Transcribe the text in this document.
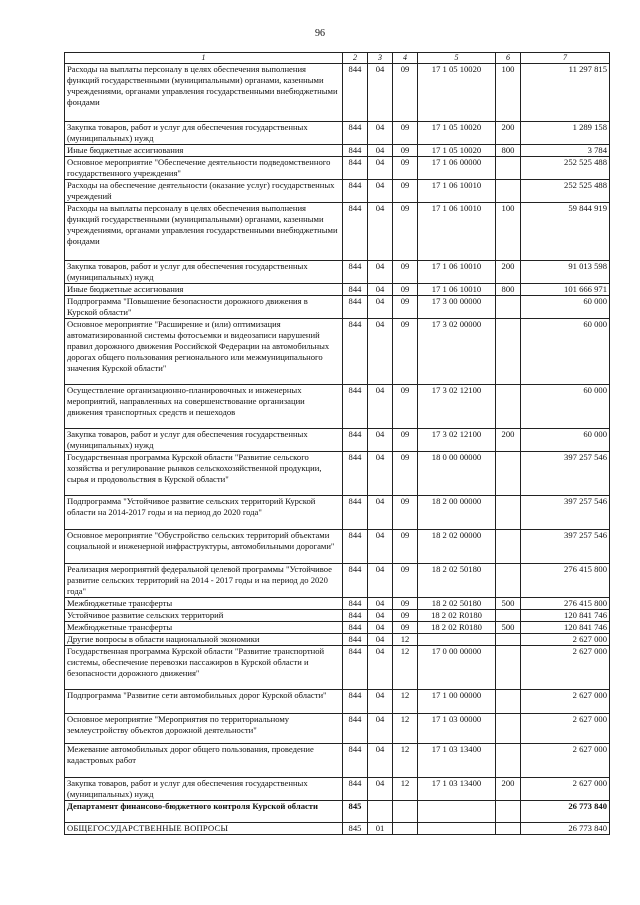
96
1	2	3	4	5	6	7
Расходы на выплаты персоналу в целях обеспечения выполнения функций государственными (муниципальными) органами, казенными учреждениями, органами управления государственными внебюджетными фондами	844	04	09	17 1 05 10020	100	11 297 815
Закупка товаров, работ и услуг для обеспечения государственных (муниципальных) нужд	844	04	09	17 1 05 10020	200	1 289 158
Иные бюджетные ассигнования	844	04	09	17 1 05 10020	800	3 784
Основное мероприятие "Обеспечение деятельности подведомственного государственного учреждения"	844	04	09	17 1 06 00000		252 525 488
Расходы на обеспечение деятельности (оказание услуг) государственных учреждений	844	04	09	17 1 06 10010		252 525 488
Расходы на выплаты персоналу в целях обеспечения выполнения функций государственными (муниципальными) органами, казенными учреждениями, органами управления государственными внебюджетными фондами	844	04	09	17 1 06 10010	100	59 844 919
Закупка товаров, работ и услуг для обеспечения государственных (муниципальных) нужд	844	04	09	17 1 06 10010	200	91 013 598
Иные бюджетные ассигнования	844	04	09	17 1 06 10010	800	101 666 971
Подпрограмма "Повышение безопасности дорожного движения в Курской области"	844	04	09	17 3 00 00000		60 000
Основное мероприятие "Расширение и (или) оптимизация автоматизированной системы фотосъемки и видеозаписи нарушений правил дорожного движения Российской Федерации на автомобильных дорогах общего пользования регионального или межмуниципального значения Курской области"	844	04	09	17 3 02 00000		60 000
Осуществление организационно-планировочных и инженерных мероприятий, направленных на совершенствование организации движения транспортных средств и пешеходов	844	04	09	17 3 02 12100		60 000
Закупка товаров, работ и услуг для обеспечения государственных (муниципальных) нужд	844	04	09	17 3 02 12100	200	60 000
Государственная программа Курской области "Развитие сельского хозяйства и регулирование рынков сельскохозяйственной продукции, сырья и продовольствия в Курской области"	844	04	09	18 0 00 00000		397 257 546
Подпрограмма "Устойчивое развитие сельских территорий Курской области на 2014-2017 годы и на период до 2020 года"	844	04	09	18 2 00 00000		397 257 546
Основное мероприятие "Обустройство сельских территорий объектами социальной и инженерной инфраструктуры, автомобильными дорогами"	844	04	09	18 2 02 00000		397 257 546
Реализация мероприятий федеральной целевой программы "Устойчивое развитие сельских территорий на 2014 - 2017 годы и на период до 2020 года"	844	04	09	18 2 02 50180		276 415 800
Межбюджетные трансферты	844	04	09	18 2 02 50180	500	276 415 800
Устойчивое развитие сельских территорий	844	04	09	18 2 02 R0180		120 841 746
Межбюджетные трансферты	844	04	09	18 2 02 R0180	500	120 841 746
Другие вопросы в области национальной экономики	844	04	12			2 627 000
Государственная программа Курской области "Развитие транспортной системы, обеспечение перевозки пассажиров в Курской области и безопасности дорожного движения"	844	04	12	17 0 00 00000		2 627 000
Подпрограмма "Развитие сети автомобильных дорог Курской области"	844	04	12	17 1 00 00000		2 627 000
Основное мероприятие "Мероприятия по территориальному землеустройству объектов дорожной деятельности"	844	04	12	17 1 03 00000		2 627 000
Межевание автомобильных дорог общего пользования, проведение кадастровых работ	844	04	12	17 1 03 13400		2 627 000
Закупка товаров, работ и услуг для обеспечения государственных (муниципальных) нужд	844	04	12	17 1 03 13400	200	2 627 000
Департамент финансово-бюджетного контроля Курской области	845					26 773 840
ОБЩЕГОСУДАРСТВЕННЫЕ ВОПРОСЫ	845	01				26 773 840
